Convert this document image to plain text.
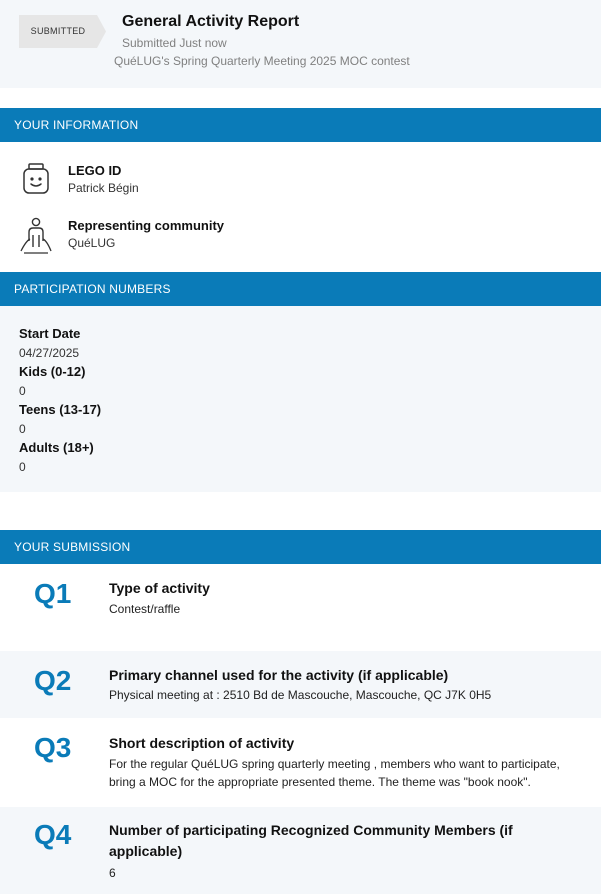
SUBMITTED
General Activity Report
Submitted Just now
QuéLUG's Spring Quarterly Meeting 2025 MOC contest
YOUR INFORMATION
LEGO ID
Patrick Bégin
Representing community
QuéLUG
PARTICIPATION NUMBERS
Start Date
04/27/2025
Kids (0-12)
0
Teens (13-17)
0
Adults (18+)
0
YOUR SUBMISSION
Q1	Type of activity
Contest/raffle
Q2	Primary channel used for the activity (if applicable)
Physical meeting at : 2510 Bd de Mascouche, Mascouche, QC J7K 0H5
Q3	Short description of activity
For the regular QuéLUG spring quarterly meeting , members who want to participate, bring a MOC for the appropriate presented theme. The theme was "book nook".
Q4	Number of participating Recognized Community Members (if applicable)
6
